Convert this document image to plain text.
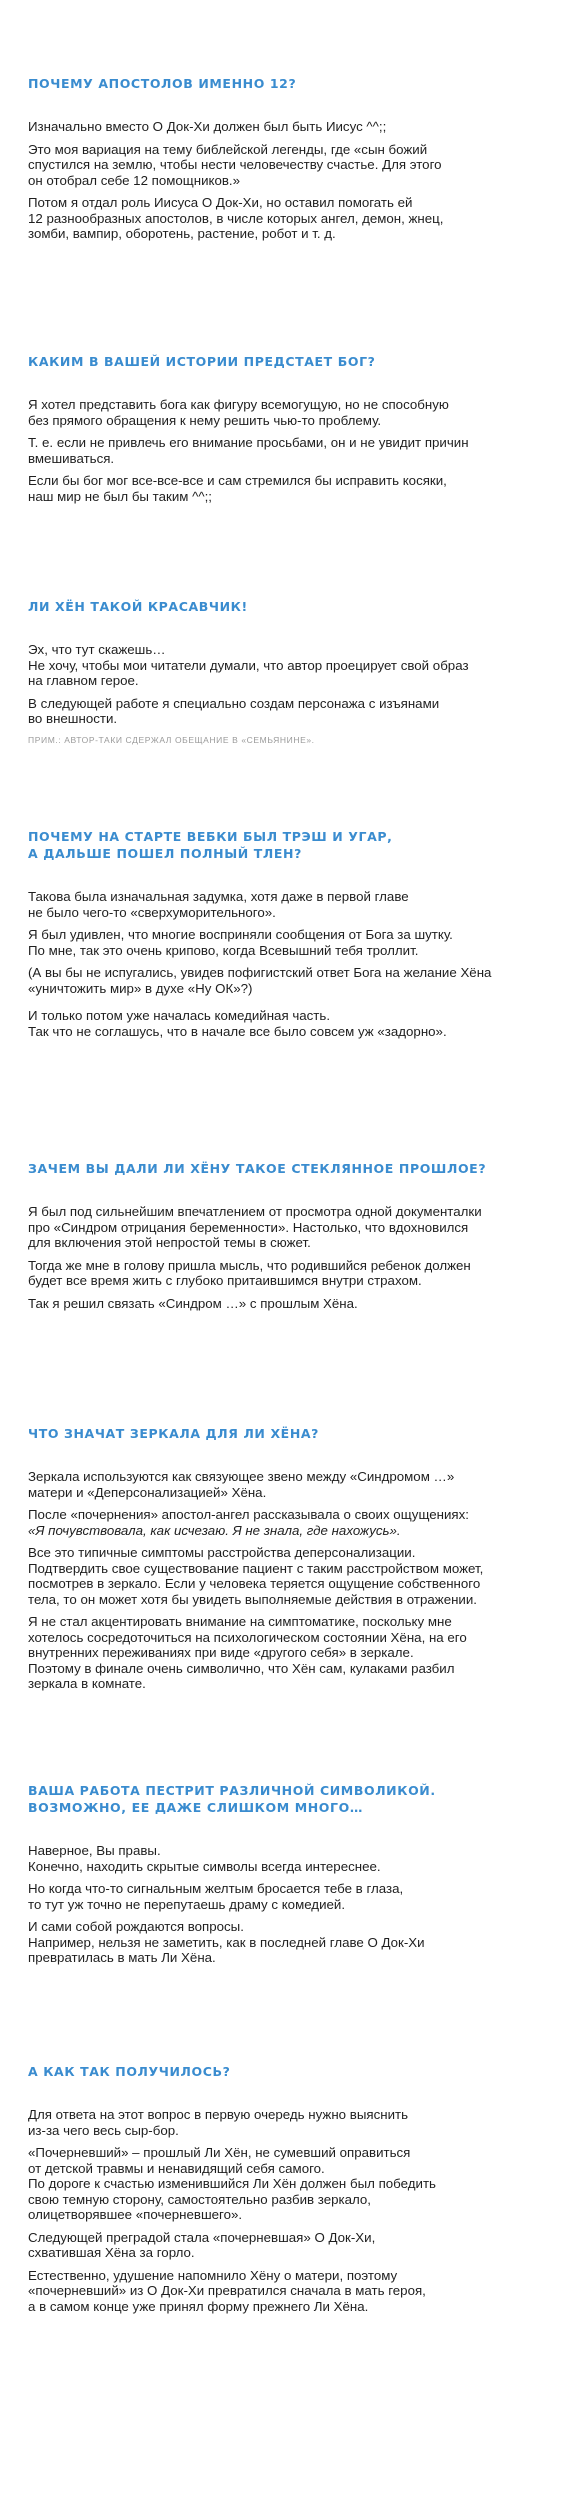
ПОЧЕМУ АПОСТОЛОВ ИМЕННО 12?

Изначально вместо О Док-Хи должен был быть Иисус ^^;;

Это моя вариация на тему библейской легенды, где «сын божий
спустился на землю, чтобы нести человечеству счастье. Для этого
он отобрал себе 12 помощников.»

Потом я отдал роль Иисуса О Док-Хи, но оставил помогать ей
12 разнообразных апостолов, в числе которых ангел, демон, жнец,
зомби, вампир, оборотень, растение, робот и т. д.

КАКИМ В ВАШЕЙ ИСТОРИИ ПРЕДСТАЕТ БОГ?

Я хотел представить бога как фигуру всемогущую, но не способную
без прямого обращения к нему решить чью-то проблему.

Т. е. если не привлечь его внимание просьбами, он и не увидит причин
вмешиваться.

Если бы бог мог все-все-все и сам стремился бы исправить косяки,
наш мир не был бы таким ^^;;

ЛИ ХЁН ТАКОЙ КРАСАВЧИК!

Эх, что тут скажешь…
Не хочу, чтобы мои читатели думали, что автор проецирует свой образ
на главном герое.

В следующей работе я специально создам персонажа с изъянами
во внешности.

ПРИМ.: АВТОР-ТАКИ СДЕРЖАЛ ОБЕЩАНИЕ В «СЕМЬЯНИНЕ».
ПОЧЕМУ НА СТАРТЕ ВЕБКИ БЫЛ ТРЭШ И УГАР,
А ДАЛЬШЕ ПОШЕЛ ПОЛНЫЙ ТЛЕН?

Такова была изначальная задумка, хотя даже в первой главе
не было чего-то «сверхуморительного».

Я был удивлен, что многие восприняли сообщения от Бога за шутку.
По мне, так это очень крипово, когда Всевышний тебя троллит.

(А вы бы не испугались, увидев пофигистский ответ Бога на желание Хёна
«уничтожить мир» в духе «Ну ОК»?)

И только потом уже началась комедийная часть.
Так что не соглашусь, что в начале все было совсем уж «задорно».

ЗАЧЕМ ВЫ ДАЛИ ЛИ ХЁНУ ТАКОЕ СТЕКЛЯННОЕ ПРОШЛОЕ?

Я был под сильнейшим впечатлением от просмотра одной документалки
про «Синдром отрицания беременности». Настолько, что вдохновился
для включения этой непростой темы в сюжет.

Тогда же мне в голову пришла мысль, что родившийся ребенок должен
будет все время жить с глубоко притаившимся внутри страхом.

Так я решил связать «Синдром …» с прошлым Хёна.

ЧТО ЗНАЧАТ ЗЕРКАЛА ДЛЯ ЛИ ХЁНА?

Зеркала используются как связующее звено между «Синдромом …»
матери и «Деперсонализацией» Хёна.

После «почернения» апостол-ангел рассказывала о своих ощущениях:
«Я почувствовала, как исчезаю. Я не знала, где нахожусь».

Все это типичные симптомы расстройства деперсонализации.
Подтвердить свое существование пациент с таким расстройством может,
посмотрев в зеркало. Если у человека теряется ощущение собственного
тела, то он может хотя бы увидеть выполняемые действия в отражении.

Я не стал акцентировать внимание на симптоматике, поскольку мне
хотелось сосредоточиться на психологическом состоянии Хёна, на его
внутренних переживаниях при виде «другого себя» в зеркале.
Поэтому в финале очень символично, что Хён сам, кулаками разбил
зеркала в комнате.

ВАША РАБОТА ПЕСТРИТ РАЗЛИЧНОЙ СИМВОЛИКОЙ.
ВОЗМОЖНО, ЕЕ ДАЖЕ СЛИШКОМ МНОГО…

Наверное, Вы правы.
Конечно, находить скрытые символы всегда интереснее.

Но когда что-то сигнальным желтым бросается тебе в глаза,
то тут уж точно не перепутаешь драму с комедией.

И сами собой рождаются вопросы.
Например, нельзя не заметить, как в последней главе О Док-Хи
превратилась в мать Ли Хёна.

А КАК ТАК ПОЛУЧИЛОСЬ?

Для ответа на этот вопрос в первую очередь нужно выяснить
из-за чего весь сыр-бор.

«Почерневший» – прошлый Ли Хён, не сумевший оправиться
от детской травмы и ненавидящий себя самого.
По дороге к счастью изменившийся Ли Хён должен был победить
свою темную сторону, самостоятельно разбив зеркало,
олицетворявшее «почерневшего».

Следующей преградой стала «почерневшая» О Док-Хи,
схватившая Хёна за горло.

Естественно, удушение напомнило Хёну о матери, поэтому
«почерневший» из О Док-Хи превратился сначала в мать героя,
а в самом конце уже принял форму прежнего Ли Хёна.
